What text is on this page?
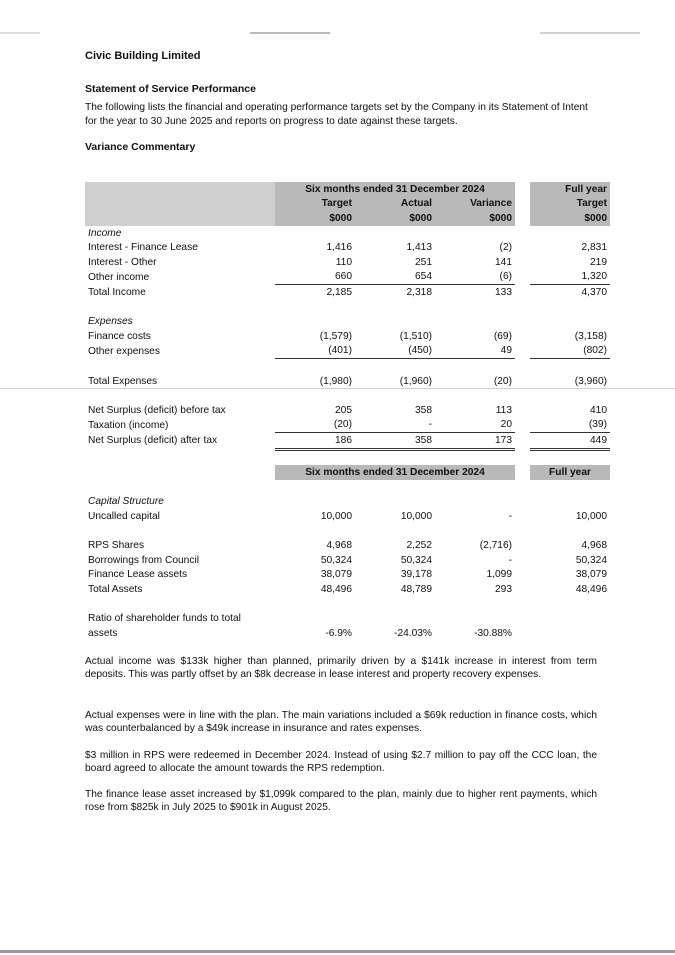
Civic Building Limited
Statement of Service Performance
The following lists the financial and operating performance targets set by the Company in its Statement of Intent for the year to 30 June 2025 and reports on progress to date against these targets.
Variance Commentary
	Six months ended 31 December 2024				Full year
	Target	Actual	Variance		Target
	$000	$000	$000		$000
Income					
Interest - Finance Lease	1,416	1,413	(2)		2,831
Interest - Other	110	251	141		219
Other income	660	654	(6)		1,320
Total Income	2,185	2,318	133		4,370

Expenses					
Finance costs	(1,579)	(1,510)	(69)		(3,158)
Other expenses	(401)	(450)	49		(802)

Total Expenses	(1,980)	(1,960)	(20)		(3,960)

Net Surplus (deficit) before tax	205	358	113		410
Taxation (income)	(20)	-	20		(39)
Net Surplus (deficit) after tax	186	358	173		449

	Six months ended 31 December 2024				Full year

Capital Structure					
Uncalled capital	10,000	10,000	-		10,000

RPS Shares	4,968	2,252	(2,716)		4,968
Borrowings from Council	50,324	50,324	-		50,324
Finance Lease assets	38,079	39,178	1,099		38,079
Total Assets	48,496	48,789	293		48,496

Ratio of shareholder funds to total					
assets	-6.9%	-24.03%	-30.88%		
Actual income was $133k higher than planned, primarily driven by a $141k increase in interest from term deposits. This was partly offset by an $8k decrease in lease interest and property recovery expenses.
Actual expenses were in line with the plan. The main variations included a $69k reduction in finance costs, which was counterbalanced by a $49k increase in insurance and rates expenses.
$3 million in RPS were redeemed in December 2024. Instead of using $2.7 million to pay off the CCC loan, the board agreed to allocate the amount towards the RPS redemption.
The finance lease asset increased by $1,099k compared to the plan, mainly due to higher rent payments, which rose from $825k in July 2025 to $901k in August 2025.
